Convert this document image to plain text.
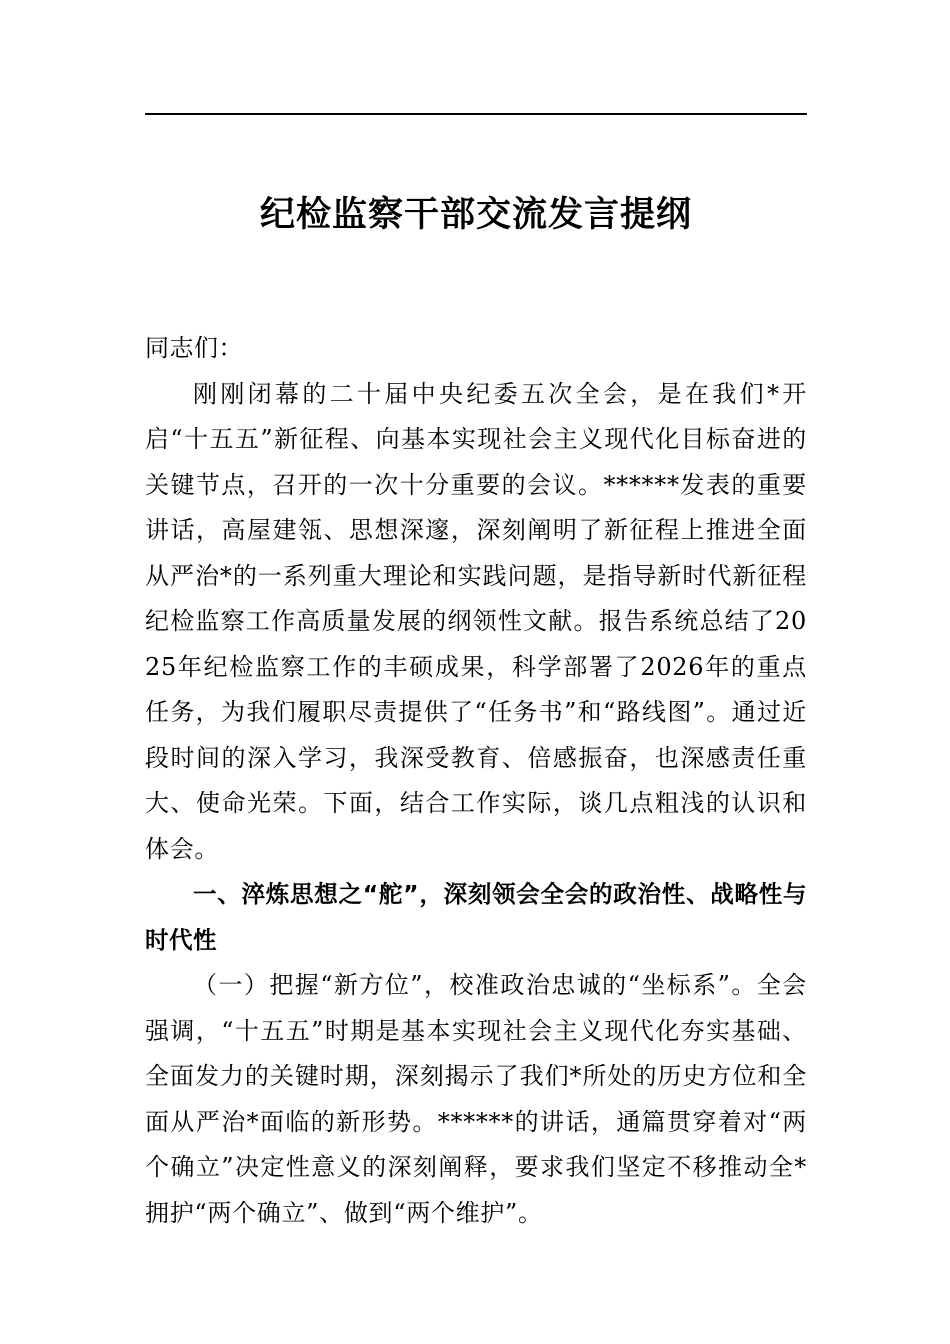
纪检监察干部交流发言提纲

同志们：

刚刚闭幕的二十届中央纪委五次全会，是在我们*开启“十五五”新征程、向基本实现社会主义现代化目标奋进的关键节点，召开的一次十分重要的会议。******发表的重要讲话，高屋建瓴、思想深邃，深刻阐明了新征程上推进全面从严治*的一系列重大理论和实践问题，是指导新时代新征程纪检监察工作高质量发展的纲领性文献。报告系统总结了2025年纪检监察工作的丰硕成果，科学部署了2026年的重点任务，为我们履职尽责提供了“任务书”和“路线图”。通过近段时间的深入学习，我深受教育、倍感振奋，也深感责任重大、使命光荣。下面，结合工作实际，谈几点粗浅的认识和体会。

一、淬炼思想之“舵”，深刻领会全会的政治性、战略性与时代性

（一）把握“新方位”，校准政治忠诚的“坐标系”。全会强调，“十五五”时期是基本实现社会主义现代化夯实基础、全面发力的关键时期，深刻揭示了我们*所处的历史方位和全面从严治*面临的新形势。******的讲话，通篇贯穿着对“两个确立”决定性意义的深刻阐释，要求我们坚定不移推动全*拥护“两个确立”、做到“两个维护”。
